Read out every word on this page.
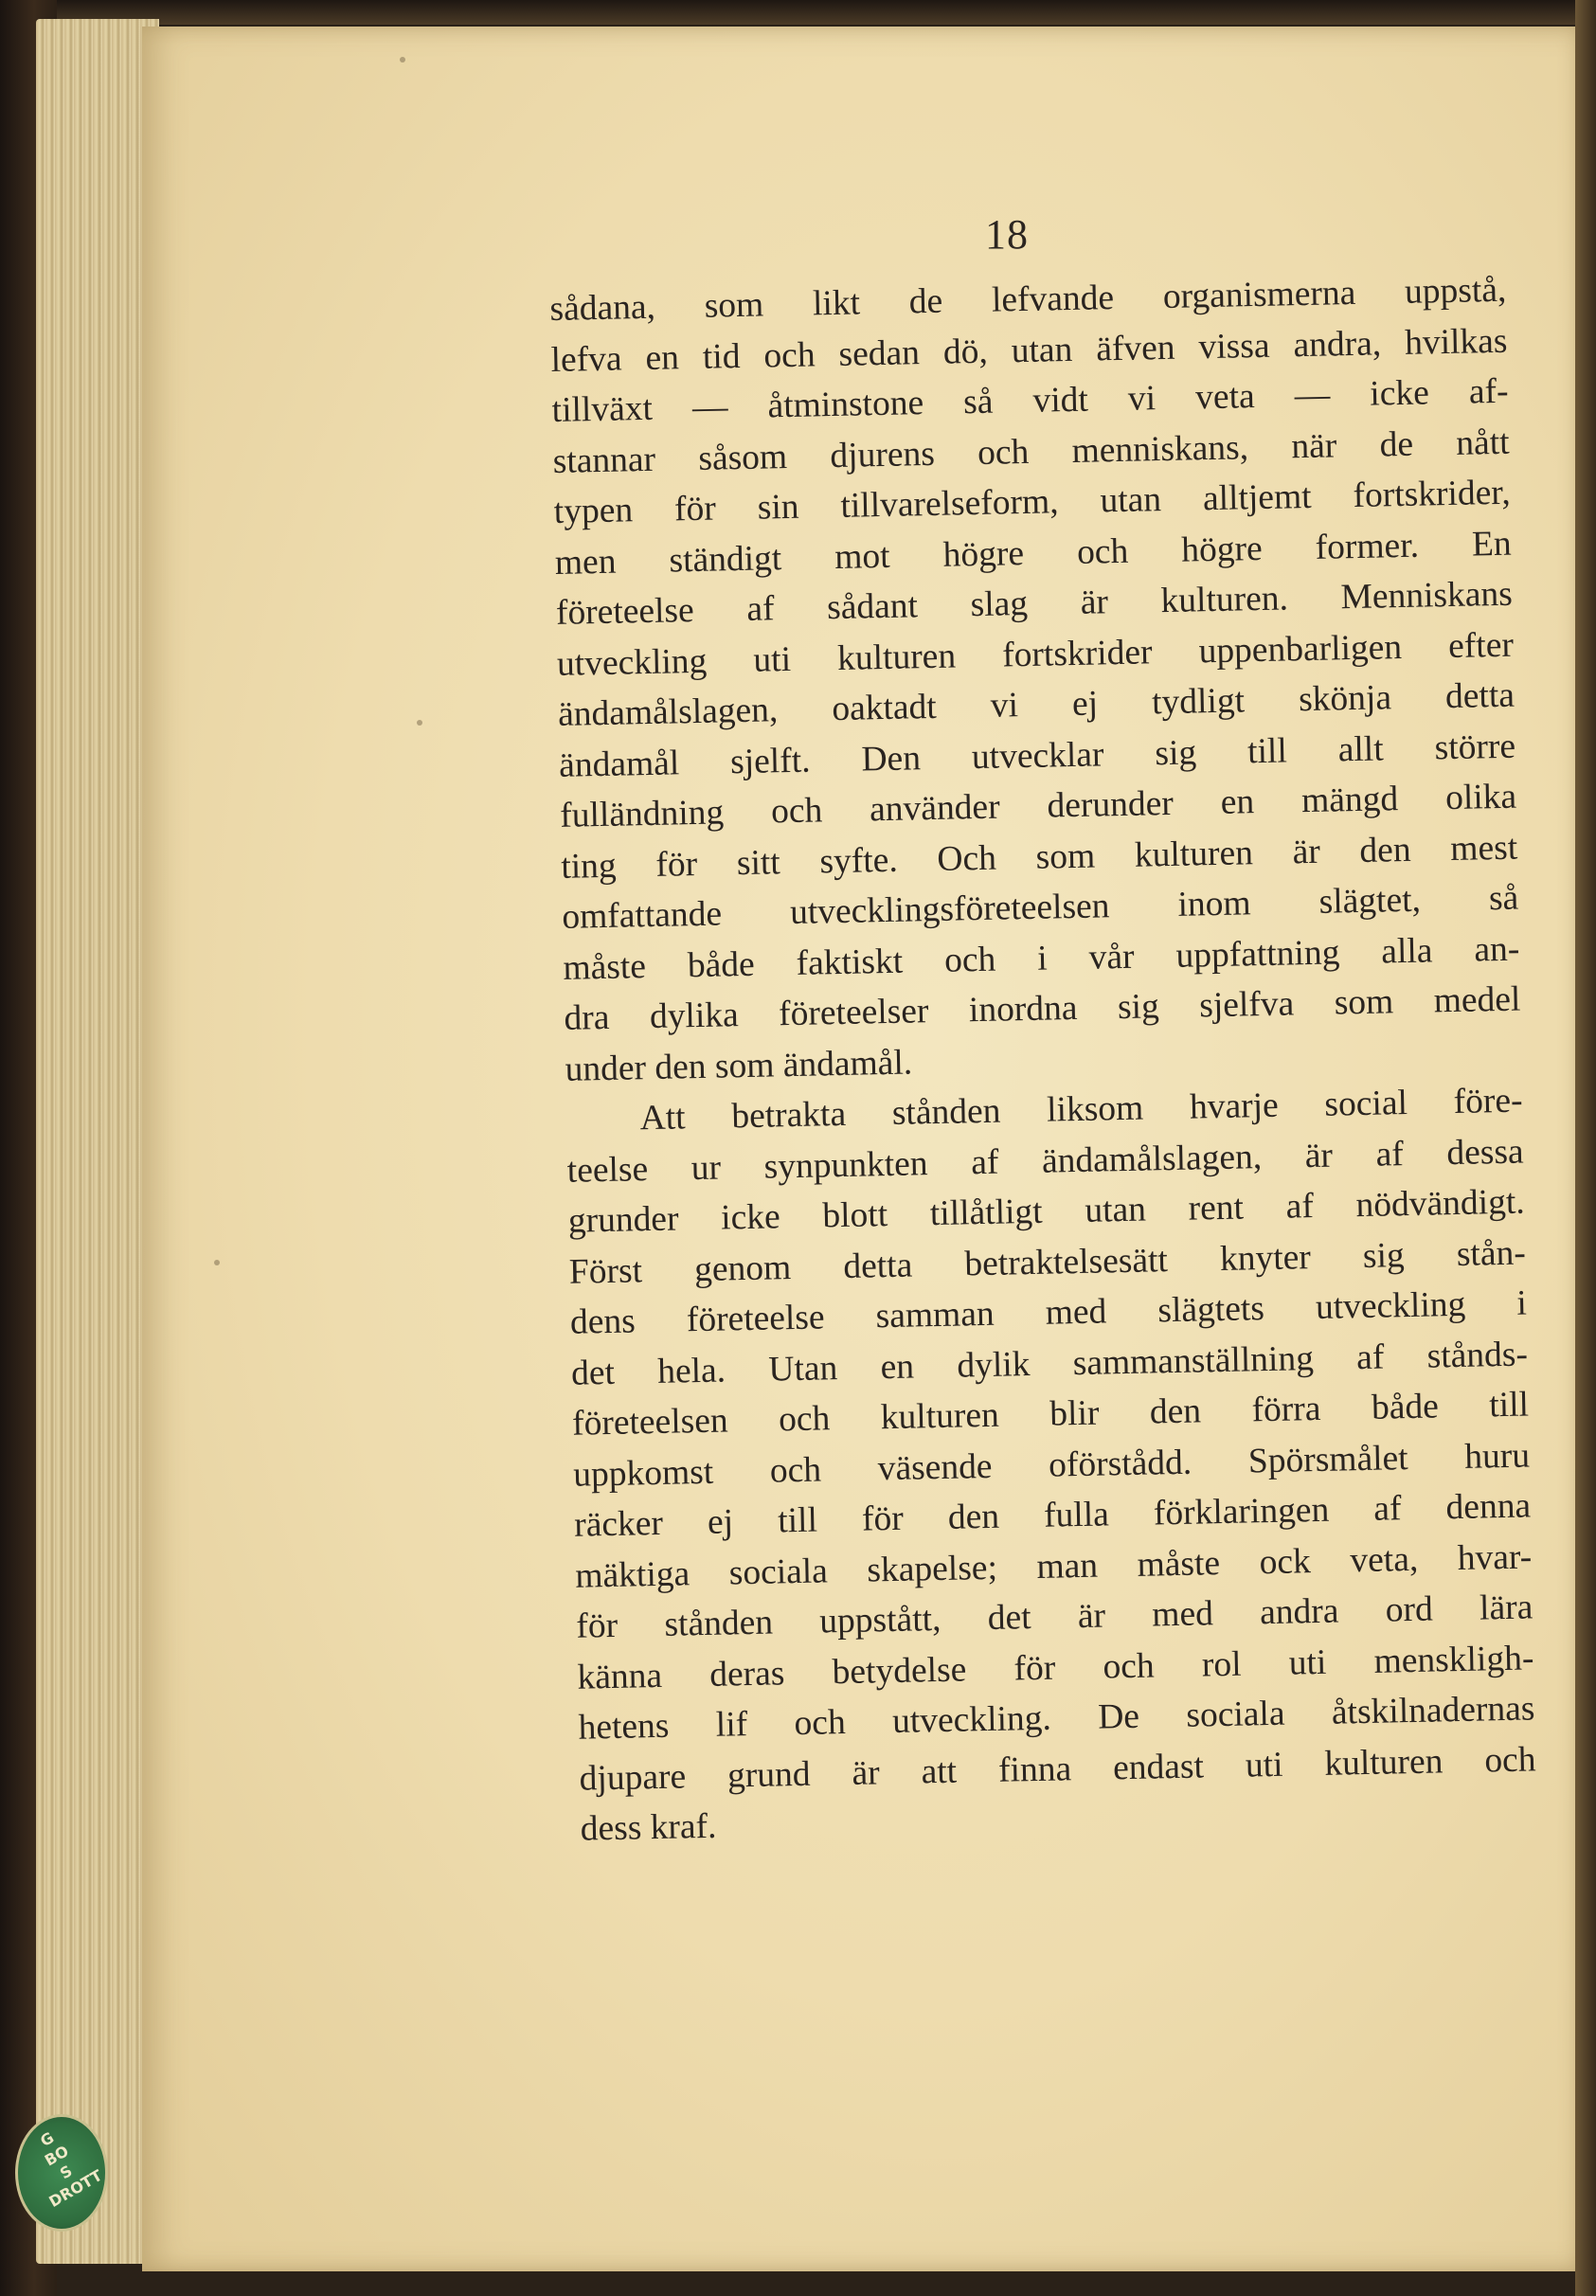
18
sådana, som likt de lefvande organismerna uppstå,
lefva en tid och sedan dö, utan äfven vissa andra, hvilkas
tillväxt — åtminstone så vidt vi veta — icke af-
stannar såsom djurens och menniskans, när de nått
typen för sin tillvarelseform, utan alltjemt fortskrider,
men ständigt mot högre och högre former. En
företeelse af sådant slag är kulturen. Menniskans
utveckling uti kulturen fortskrider uppenbarligen efter
ändamålslagen, oaktadt vi ej tydligt skönja detta
ändamål sjelft. Den utvecklar sig till allt större
fulländning och använder derunder en mängd olika
ting för sitt syfte. Och som kulturen är den mest
omfattande utvecklingsföreteelsen inom slägtet, så
måste både faktiskt och i vår uppfattning alla an-
dra dylika företeelser inordna sig sjelfva som medel
under den som ändamål.
Att betrakta stånden liksom hvarje social före-
teelse ur synpunkten af ändamålslagen, är af dessa
grunder icke blott tillåtligt utan rent af nödvändigt.
Först genom detta betraktelsesätt knyter sig stån-
dens företeelse samman med slägtets utveckling i
det hela. Utan en dylik sammanställning af stånds-
företeelsen och kulturen blir den förra både till
uppkomst och väsende oförstådd. Spörsmålet huru
räcker ej till för den fulla förklaringen af denna
mäktiga sociala skapelse; man måste ock veta, hvar-
för stånden uppstått, det är med andra ord lära
känna deras betydelse för och rol uti menskligh-
hetens lif och utveckling. De sociala åtskilnadernas
djupare grund är att finna endast uti kulturen och
dess kraf.
G
BO
S
DROTT
